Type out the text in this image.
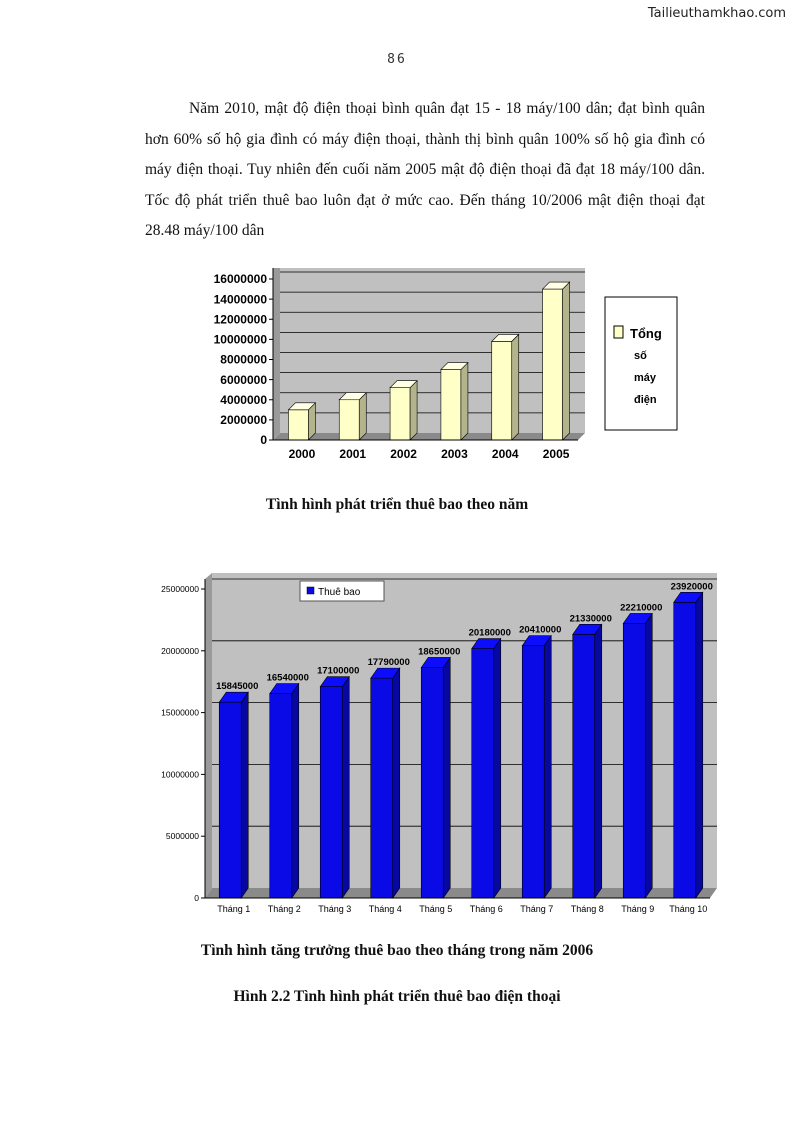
Tailieuthamkhao.com
86
Năm 2010, mật độ điện thoại bình quân đạt 15 - 18 máy/100 dân; đạt bình quân hơn 60% số hộ gia đình có máy điện thoại, thành thị bình quân 100% số hộ gia đình có máy điện thoại. Tuy nhiên đến cuối năm 2005 mật độ điện thoại đã đạt 18 máy/100 dân. Tốc độ phát triển thuê bao luôn đạt ở mức cao. Đến tháng 10/2006 mật điện thoại đạt 28.48 máy/100 dân
16000000
14000000
12000000
10000000
8000000
6000000
4000000
2000000
0
2000 2001 2002 2003 2004 2005
Tổng
số
máy
điện
Tình hình phát triển thuê bao theo năm
15845000
16540000
17100000
17790000
18650000
20180000 20410000
21330000
22210000
23920000
25000000
20000000
15000000
10000000
5000000
0
Tháng 1 Tháng 2 Tháng 3 Tháng 4 Tháng 5 Tháng 6 Tháng 7 Tháng 8 Tháng 9 Tháng 10
Thuê bao
Tình hình tăng trưởng thuê bao theo tháng trong năm 2006
Hình 2.2 Tình hình phát triển thuê bao điện thoại
